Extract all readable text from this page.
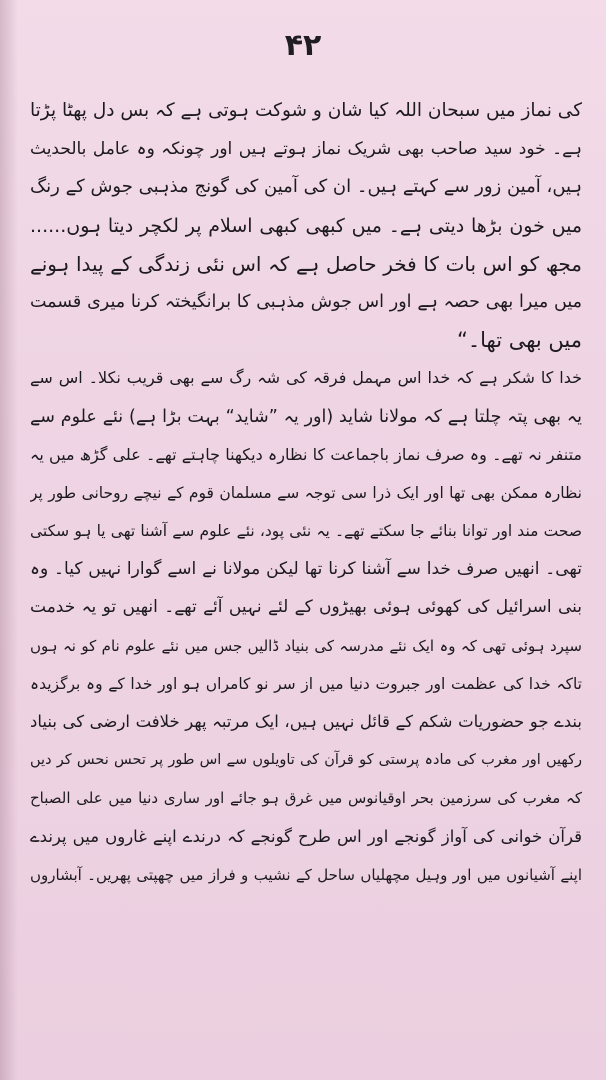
۴۲
کی نماز میں سبحان اللہ کیا شان و شوکت ہوتی ہے کہ بس دل پھٹا پڑتا
ہے۔ خود سید صاحب بھی شریک نماز ہوتے ہیں اور چونکہ وہ عامل بالحدیث
ہیں، آمین زور سے کہتے ہیں۔ ان کی آمین کی گونج مذہبی جوش کے رنگ
میں خون بڑھا دیتی ہے۔ میں کبھی کبھی اسلام پر لکچر دیتا ہوں......
مجھ کو اس بات کا فخر حاصل ہے کہ اس نئی زندگی کے پیدا ہونے
میں میرا بھی حصہ ہے اور اس جوش مذہبی کا برانگیختہ کرنا میری قسمت
میں بھی تھا۔“
خدا کا شکر ہے کہ خدا اس مہمل فرقہ کی شہ رگ سے بھی قریب نکلا۔ اس سے
یہ بھی پتہ چلتا ہے کہ مولانا شاید (اور یہ ”شاید“ بہت بڑا ہے) نئے علوم سے
متنفر نہ تھے۔ وہ صرف نماز باجماعت کا نظارہ دیکھنا چاہتے تھے۔ علی گڑھ میں یہ
نظارہ ممکن بھی تھا اور ایک ذرا سی توجہ سے مسلمان قوم کے نیچے روحانی طور پر
صحت مند اور توانا بنائے جا سکتے تھے۔ یہ نئی پود، نئے علوم سے آشنا تھی یا ہو سکتی
تھی۔ انھیں صرف خدا سے آشنا کرنا تھا لیکن مولانا نے اسے گوارا نہیں کیا۔ وہ
بنی اسرائیل کی کھوئی ہوئی بھیڑوں کے لئے نہیں آئے تھے۔ انھیں تو یہ خدمت
سپرد ہوئی تھی کہ وہ ایک نئے مدرسہ کی بنیاد ڈالیں جس میں نئے علوم نام کو نہ ہوں
تاکہ خدا کی عظمت اور جبروت دنیا میں از سر نو کامراں ہو اور خدا کے وہ برگزیدہ
بندے جو حضوریات شکم کے قائل نہیں ہیں، ایک مرتبہ پھر خلافت ارضی کی بنیاد
رکھیں اور مغرب کی مادہ پرستی کو قرآن کی تاویلوں سے اس طور پر تحس نحس کر دیں
کہ مغرب کی سرزمین بحر اوقیانوس میں غرق ہو جائے اور ساری دنیا میں علی الصباح
قرآن خوانی کی آواز گونجے اور اس طرح گونجے کہ درندے اپنے غاروں میں پرندے
اپنے آشیانوں میں اور وہیل مچھلیاں ساحل کے نشیب و فراز میں چھپتی پھریں۔ آبشاروں
